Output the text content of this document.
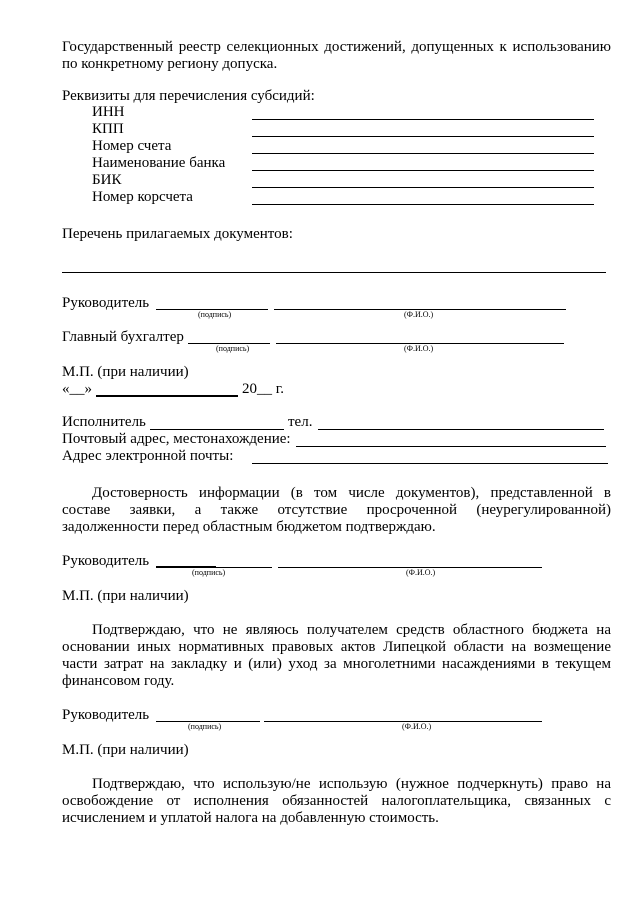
Государственный реестр селекционных достижений, допущенных к использованию
по конкретному региону допуска.
Реквизиты для перечисления субсидий:
ИНН
КПП
Номер счета
Наименование банка
БИК
Номер корсчета
Перечень прилагаемых документов:
Руководитель
(подпись)	(Ф.И.О.)
Главный бухгалтер
(подпись)	(Ф.И.О.)
М.П. (при наличии)
«__»	20__ г.
Исполнитель	тел.
Почтовый адрес, местонахождение:
Адрес электронной почты:
Достоверность информации (в том числе документов), представленной в
составе заявки, а также отсутствие просроченной (неурегулированной)
задолженности перед областным бюджетом подтверждаю.
Руководитель
(подпись)	(Ф.И.О.)
М.П. (при наличии)
Подтверждаю, что не являюсь получателем средств областного бюджета на
основании иных нормативных правовых актов Липецкой области на возмещение
части затрат на закладку и (или) уход за многолетними насаждениями в текущем
финансовом году.
Руководитель
(подпись)	(Ф.И.О.)
М.П. (при наличии)
Подтверждаю, что использую/не использую (нужное подчеркнуть) право на
освобождение от исполнения обязанностей налогоплательщика, связанных с
исчислением и уплатой налога на добавленную стоимость.
